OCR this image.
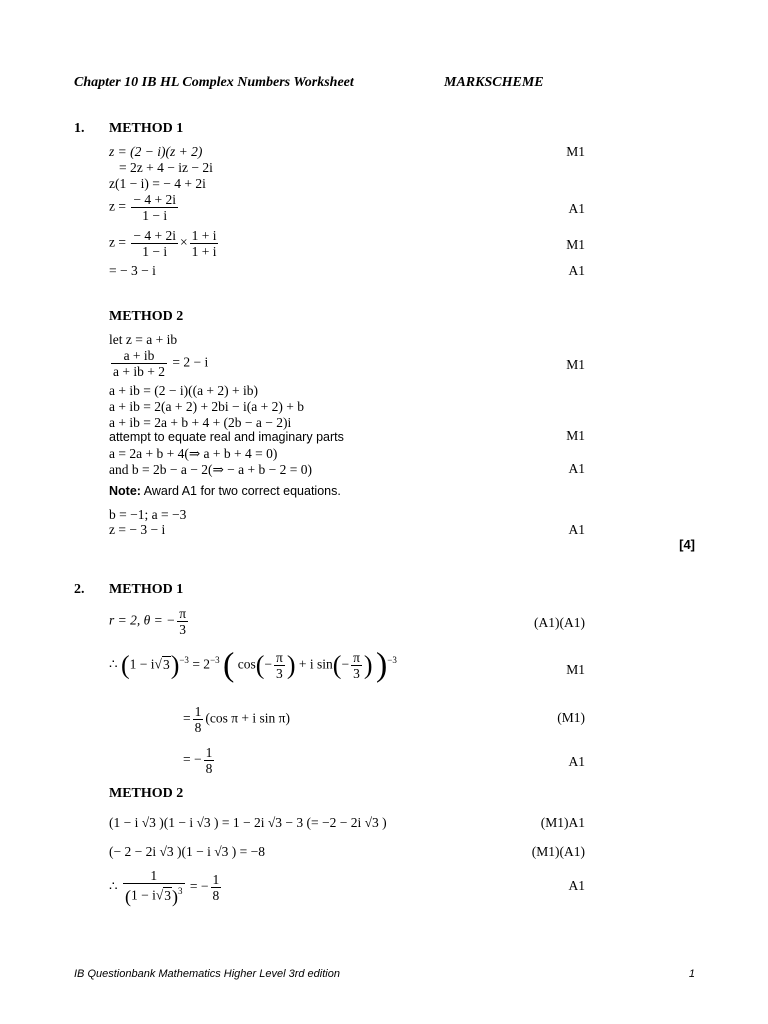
Chapter 10 IB HL Complex Numbers Worksheet	MARKSCHEME
1. METHOD 1
z = (2 − i)(z + 2)
= 2z + 4 − iz − 2i
z(1 − i) = − 4 + 2i
$z = \frac{- 4 + 2i}{1 - i}$
$z = \frac{- 4 + 2i}{1 - i} \times \frac{1 + i}{1 + i}$
= − 3 − i
M1
A1
M1
A1
METHOD 2
let z = a + ib
$\frac{a + ib}{a + ib + 2} = 2 - i$
a + ib = (2 − i)((a + 2) + ib)
a + ib = 2(a + 2) + 2bi − i(a + 2) + b
a + ib = 2a + b + 4 + (2b − a − 2)i
attempt to equate real and imaginary parts
a = 2a + b + 4(⇒ a + b + 4 = 0)
and b = 2b − a − 2(⇒ − a + b − 2 = 0)
Note: Award A1 for two correct equations.
b = −1; a = −3
z = − 3 − i
M1
M1
A1
A1
[4]
2. METHOD 1
r = 2, θ = − $\frac{\pi}{3}$
∴ $(1 - i√3)^{-3} = 2^{-3}$ ( $\cos(- \frac{\pi}{3}$ ) + i $\sin(- \frac{\pi}{3}$ ) )$^{-3}$
= $\frac{1}{8} (\cos$ π + i sin π)
= − $\frac{1}{8}$
(A1)(A1)
M1
(M1)
A1
METHOD 2
(1 − i √3 )(1 − i √3 ) = 1 − 2i √3 − 3 (= −2 − 2i √3 )
(− 2 − 2i √3 )(1 − i √3 ) = −8
∴ $\frac{1}{(1 - i√3)^3}$ = − $\frac{1}{8}$
(M1)A1
(M1)(A1)
A1
IB Questionbank Mathematics Higher Level 3rd edition	1
